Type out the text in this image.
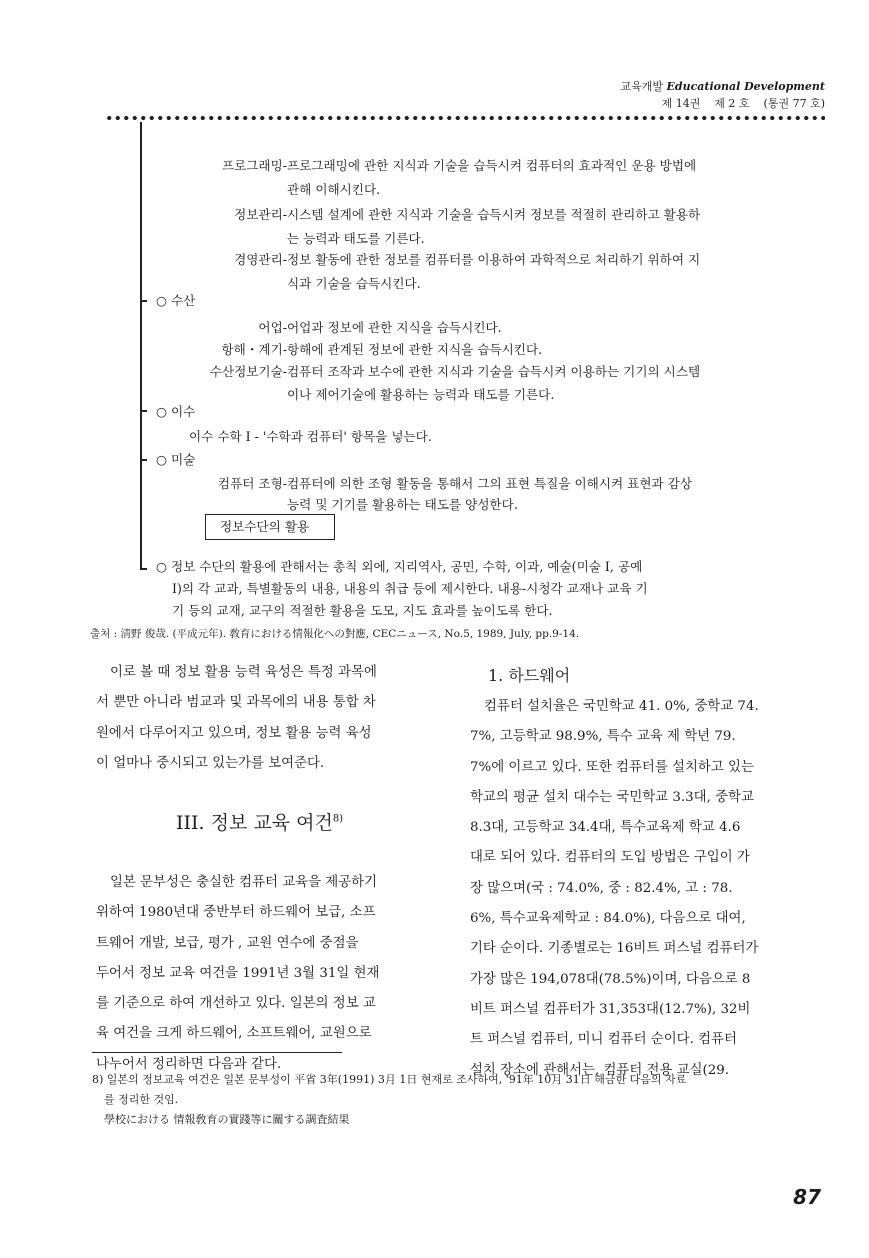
교육개발 Educational Development
제 14권    제 2 호    (통권 77 호)
프로그래밍- 프로그래밍에 관한 지식과 기술을 습득시켜 컴퓨터의 효과적인 운용 방법에
관해 이해시킨다.
정보관리- 시스템 설계에 관한 지식과 기술을 습득시켜 정보를 적절히 관리하고 활용하
는 능력과 태도를 기른다.
경영관리- 정보 활동에 관한 정보를 컴퓨터를 이용하여 과학적으로 처리하기 위하여 지
식과 기술을 습득시킨다.
○ 수산
어업- 어업과 정보에 관한 지식을 습득시킨다.
항해・계기- 항해에 관계된 정보에 관한 지식을 습득시킨다.
수산정보기술- 컴퓨터 조작과 보수에 관한 지식과 기술을 습득시켜 이용하는 기기의 시스템
이나 제어기술에 활용하는 능력과 태도를 기른다.
○ 이수
이수 수학 I - '수학과 컴퓨터' 항목을 넣는다.
○ 미술
컴퓨터 조형- 컴퓨터에 의한 조형 활동을 통해서 그의 표현 특질을 이해시켜 표현과 감상
능력 및 기기를 활용하는 태도를 양성한다.
정보수단의 활용
○ 정보 수단의 활용에 관해서는 총칙 외에, 지리역사, 공민, 수학, 이과, 예술(미술 I, 공예
I)의 각 교과, 특별활동의 내용, 내용의 취급 등에 제시한다. 내용-시청각 교재나 교육 기
기 등의 교재, 교구의 적절한 활용을 도모, 지도 효과를 높이도록 한다.
출처 : 淸野 俊哉. (平成元年). 敎育における情報化への對應, CECニュース, No.5, 1989, July, pp.9-14.
이로 볼 때 정보 활용 능력 육성은 특정 과목에
서 뿐만 아니라 범교과 및 과목에의 내용 통합 차
원에서 다루어지고 있으며, 정보 활용 능력 육성
이 얼마나 중시되고 있는가를 보여준다.
III. 정보 교육 여건$^{8)}$
일본 문부성은 충실한 컴퓨터 교육을 제공하기
위하여 1980년대 중반부터 하드웨어 보급, 소프
트웨어 개발, 보급, 평가 , 교원 연수에 중점을
두어서 정보 교육 여건을 1991년 3월 31일 현재
를 기준으로 하여 개선하고 있다. 일본의 정보 교
육 여건을 크게 하드웨어, 소프트웨어, 교원으로
나누어서 정리하면 다음과 같다.
1. 하드웨어
컴퓨터 설치율은 국민학교 41. 0%, 중학교 74.
7%, 고등학교 98.9%, 특수 교육 제 학년 79.
7%에 이르고 있다. 또한 컴퓨터를 설치하고 있는
학교의 평균 설치 대수는 국민학교 3.3대, 중학교
8.3대, 고등학교 34.4대, 특수교육제 학교 4.6
대로 되어 있다. 컴퓨터의 도입 방법은 구입이 가
장 많으며(국 : 74.0%, 중 : 82.4%, 고 : 78.
6%, 특수교육제학교 : 84.0%), 다음으로 대여,
기타 순이다. 기종별로는 16비트 퍼스널 컴퓨터가
가장 많은 194,078대(78.5%)이며, 다음으로 8
비트 퍼스널 컴퓨터가 31,353대(12.7%), 32비
트 퍼스널 컴퓨터, 미니 컴퓨터 순이다. 컴퓨터
설치 장소에 관해서는, 컴퓨터 전용 교실(29.
8) 일본의 정보교육 여건은 일본 문부성이 平省 3年(1991) 3月 1日 현재로 조사하여, '91年 10月 31日 해금한 다음의 자료
를 정리한 것임.
學校における 情報敎育の實踐等に關する調査結果
87
